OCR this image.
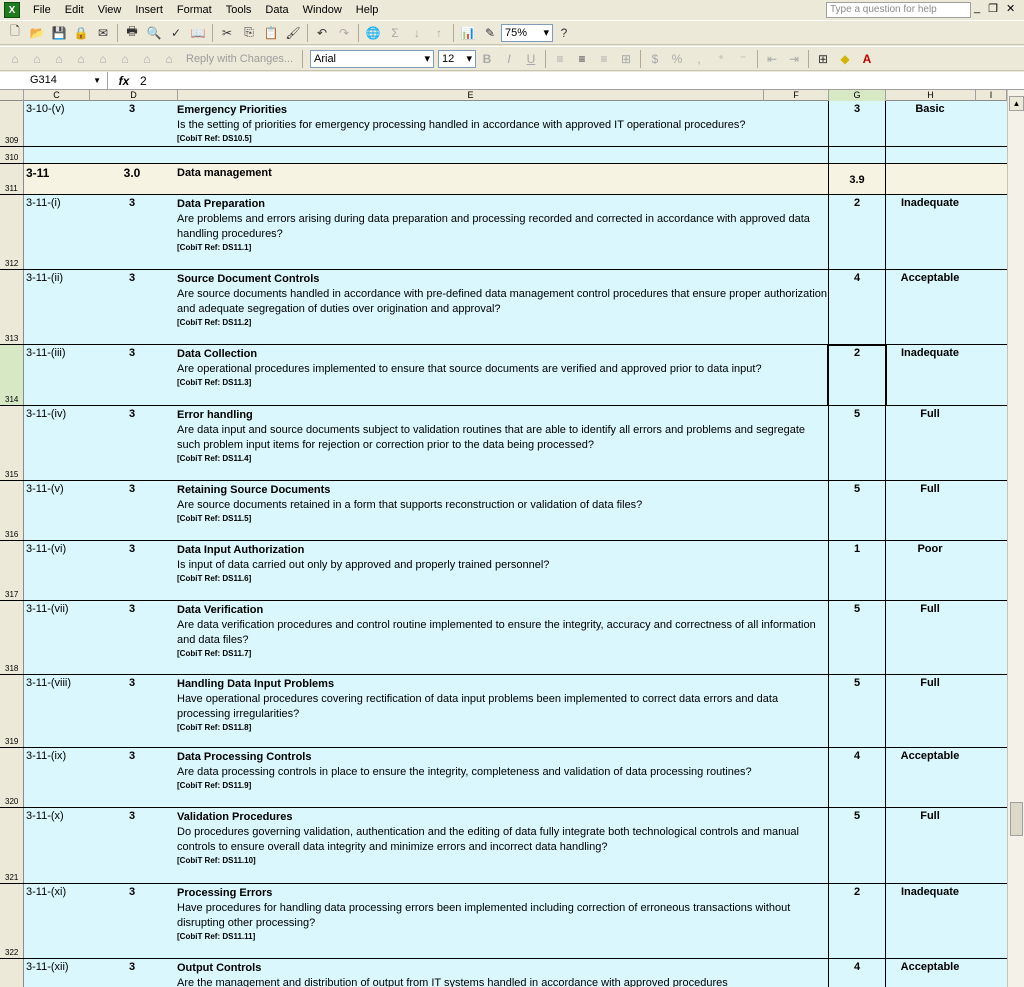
X	File	Edit	View	Insert	Format	Tools	Data	Window	Help	Type a question for help	_ ❐ ✕
🗋 📂 💾 🔒 ✉	🖶 🔍 ✓ 📖	✂	⎘ 📋 🖌	↶ ↷	🌐 Σ	↓	↑	📊 ✎ 75% ▾ ?
⌂	⌂	⌂	⌂	⌂	⌂	⌂	⌂	Reply with Changes... Arial	▾ 12 ▾ B	I	U	≡	≡	≡	⊞	$	%	,	⁺	⁻	⇤ ⇥	⊞	◆	A
G314	▼	fx 2
C	D	E	F	G	H	I
309
3-10-(v)	3	Emergency Priorities
Is the setting of priorities for emergency processing handled in accordance with approved IT operational procedures?
[CobiT Ref: DS10.5]
3	Basic
310
311
3-11	3.0	Data management
3.9
312
3-11-(i)	3	Data Preparation
Are problems and errors arising during data preparation and processing recorded and corrected in accordance with approved data handling procedures?
[CobiT Ref: DS11.1]
2	Inadequate
313
3-11-(ii)	3	Source Document Controls
Are source documents handled in accordance with pre-defined data management control procedures that ensure proper authorization and adequate segregation of duties over origination and approval?
[CobiT Ref: DS11.2]
4	Acceptable
314
3-11-(iii)	3	Data Collection
Are operational procedures implemented to ensure that source documents are verified and approved prior to data input?
[CobiT Ref: DS11.3]
2	Inadequate
315
3-11-(iv)	3	Error handling
Are data input and source documents subject to validation routines that are able to identify all errors and problems and segregate such problem input items for rejection or correction prior to the data being processed?
[CobiT Ref: DS11.4]
5	Full
316
3-11-(v)	3	Retaining Source Documents
Are source documents retained in a form that supports reconstruction or validation of data files?
[CobiT Ref: DS11.5]
5	Full
317
3-11-(vi)	3	Data Input Authorization
Is input of data carried out only by approved and properly trained personnel?
[CobiT Ref: DS11.6]
1	Poor
318
3-11-(vii)	3	Data Verification
Are data verification procedures and control routine implemented to ensure the integrity, accuracy and correctness of all information and data files?
[CobiT Ref: DS11.7]
5	Full
319
3-11-(viii)	3	Handling Data Input Problems
Have operational procedures covering rectification of data input problems been implemented to correct data errors and data processing irregularities?
[CobiT Ref: DS11.8]
5	Full
320
3-11-(ix)	3	Data Processing Controls
Are data processing controls in place to ensure the integrity, completeness and validation of data processing routines?
[CobiT Ref: DS11.9]
4	Acceptable
321
3-11-(x)	3	Validation Procedures
Do procedures governing validation, authentication and the editing of data fully integrate both technological controls and manual controls to ensure overall data integrity and minimize errors and incorrect data handling?
[CobiT Ref: DS11.10]
5	Full
322
3-11-(xi)	3	Processing Errors
Have procedures for handling data processing errors been implemented including correction of erroneous transactions without disrupting other processing?
[CobiT Ref: DS11.11]
2	Inadequate
3-11-(xii)	3	Output Controls
Are the management and distribution of output from IT systems handled in accordance with approved procedures
4	Acceptable
▲
